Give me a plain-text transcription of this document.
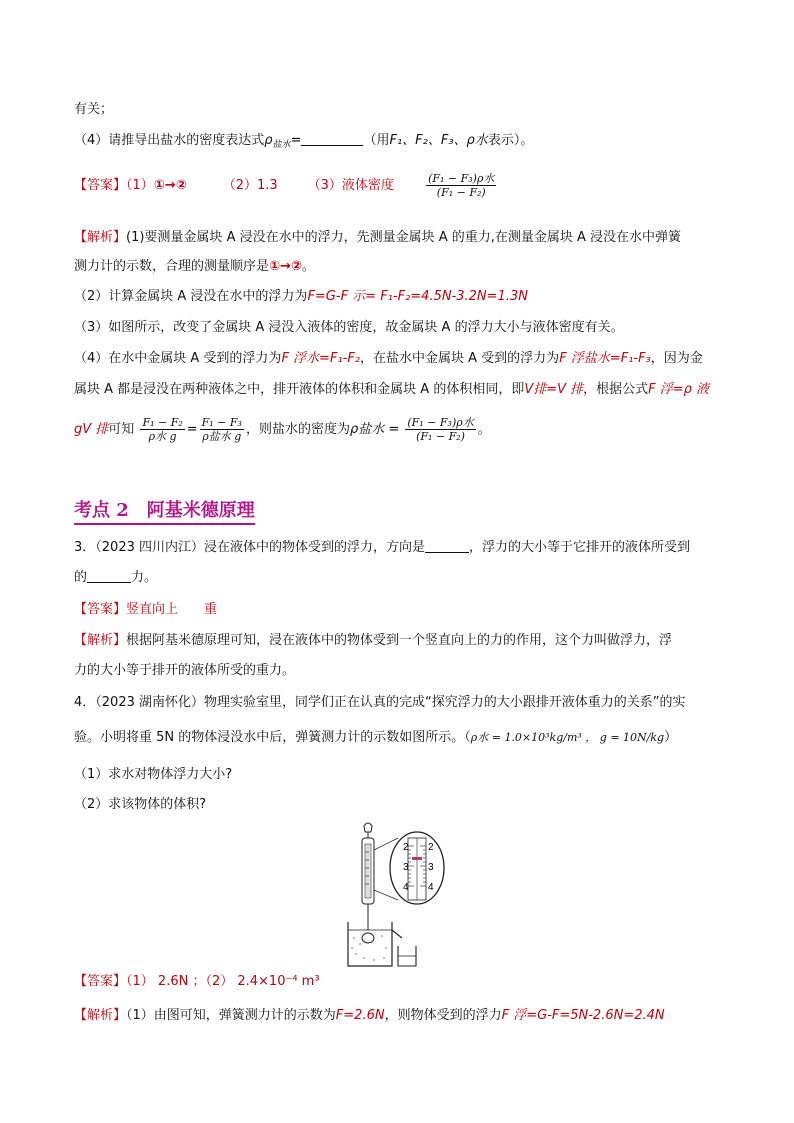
有关；
（4）请推导出盐水的密度表达式$\rho_{盐水}=$	（用F₁、F₂、F₃、ρ水表示）。
【答案】（1）①→②	（2）1.3 （3）液体密度	$\frac{\text{(F₁ − F₃)ρ水}}{\text{(F₁ − F₂)}}$
【解析】(1)要测量金属块 A 浸没在水中的浮力，先测量金属块 A 的重力,在测量金属块 A 浸没在水中弹簧
测力计的示数，合理的测量顺序是①→②。
（2）计算金属块 A 浸没在水中的浮力为F=G-F 示= F₁-F₂=4.5N-3.2N=1.3N
（3）如图所示，改变了金属块 A 浸没入液体的密度，故金属块 A 的浮力大小与液体密度有关。
（4）在水中金属块 A 受到的浮力为F 浮水=F₁-F₂，在盐水中金属块 A 受到的浮力为F 浮盐水=F₁-F₃，因为金
属块 A 都是浸没在两种液体之中，排开液体的体积和金属块 A 的体积相同，即V排=V 排，根据公式F 浮=ρ 液
gV 排可知 $\frac{\text{F₁ − F₂}}{\text{ρ水 g}} = \frac{\text{F₁ − F₃}}{\text{ρ盐水 g}}$ ，则盐水的密度为ρ盐水 = $\frac{\text{(F₁ − F₃)ρ水}}{\text{(F₁ − F₂)}}$ 。
考点 2　阿基米德原理
3．（2023 四川内江）浸在液体中的物体受到的浮力，方向是	，浮力的大小等于它排开的液体所受到
的	力。
【答案】竖直向上　　重
【解析】根据阿基米德原理可知，浸在液体中的物体受到一个竖直向上的力的作用，这个力叫做浮力，浮
力的大小等于排开的液体所受的重力。
4．（2023 湖南怀化）物理实验室里，同学们正在认真的完成“探究浮力的大小跟排开液体重力的关系”的实
验。小明将重 5N 的物体浸没水中后，弹簧测力计的示数如图所示。（ρ水 = 1.0×10³kg/m³ ， g = 10N/kg）
（1）求水对物体浮力大小?
（2）求该物体的体积?
2
3
4
2
3
4
【答案】（1） 2.6N ；（2） 2.4×10⁻⁴ m³
【解析】（1）由图可知，弹簧测力计的示数为F=2.6N，则物体受到的浮力F 浮=G-F=5N-2.6N=2.4N
